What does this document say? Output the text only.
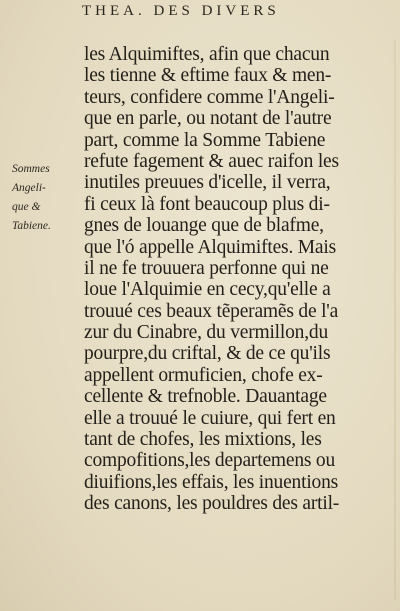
THEA. DES DIVERS
Sommes
Angeli-
que &
Tabiene.
les Alquimiftes, afin que chacun
les tienne & eftime faux & men-
teurs, confidere comme l'Angeli-
que en parle, ou notant de l'autre
part, comme la Somme Tabiene
refute fagement & auec raifon les
inutiles preuues d'icelle, il verra,
fi ceux là font beaucoup plus di-
gnes de louange que de blafme,
que l'ó appelle Alquimiftes. Mais
il ne fe trouuera perfonne qui ne
loue l'Alquimie en cecy,qu'elle a
trouué ces beaux tẽperamẽs de l'a
zur du Cinabre, du vermillon,du
pourpre,du criftal, & de ce qu'ils
appellent ormuficien, chofe ex-
cellente & trefnoble. Dauantage
elle a trouué le cuiure, qui fert en
tant de chofes, les mixtions, les
compofitions,les departemens ou
diuifions,les effais, les inuentions
des canons, les pouldres des artil-
